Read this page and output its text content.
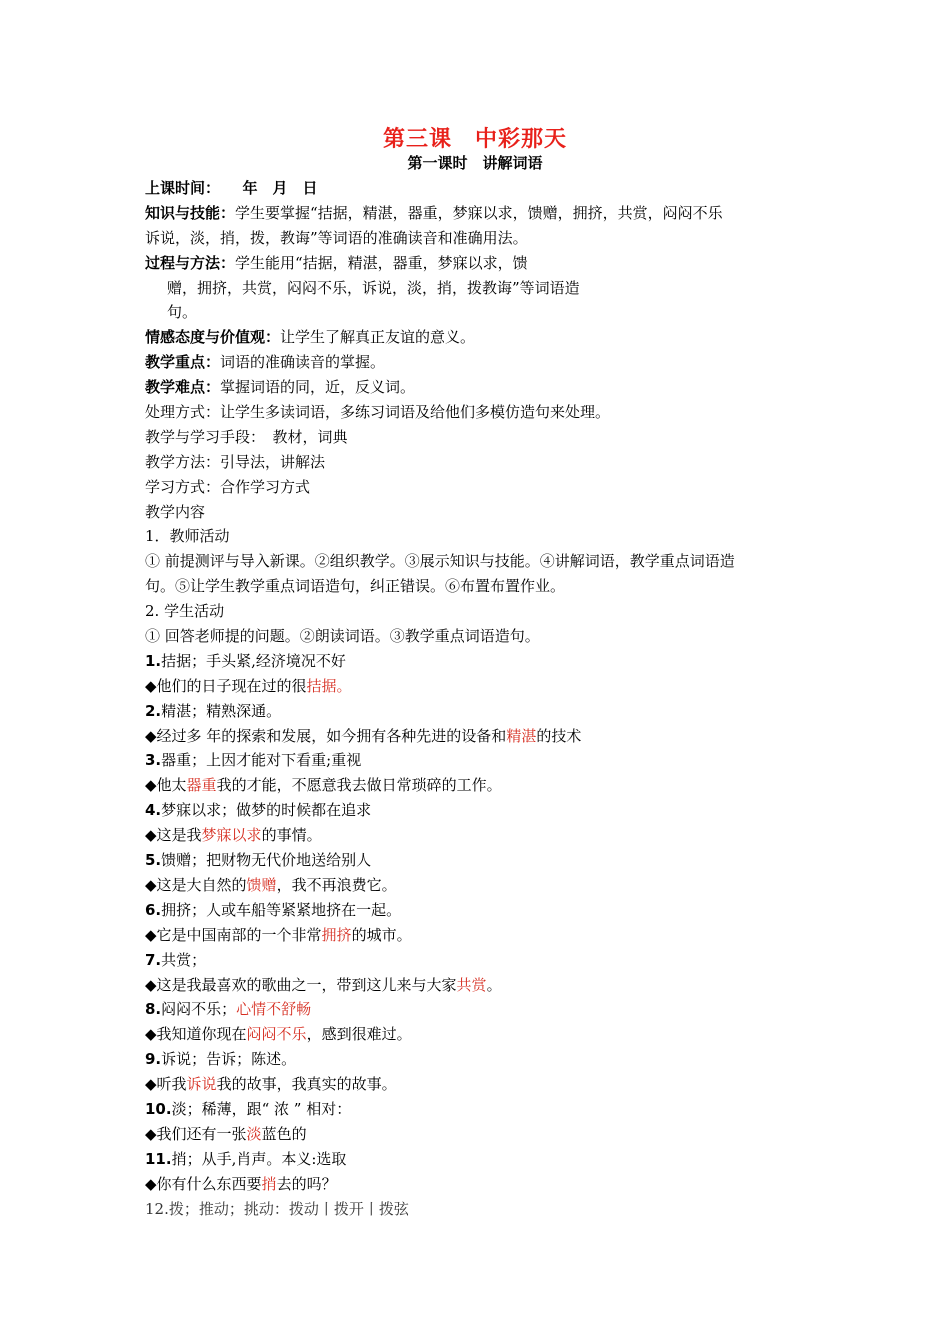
第三课　中彩那天
第一课时　讲解词语
上课时间：　　年　月　日
知识与技能：学生要掌握“拮据，精湛，器重，梦寐以求，馈赠，拥挤，共赏，闷闷不乐
诉说，淡，捎，拨，教诲”等词语的准确读音和准确用法。
过程与方法：学生能用“拮据，精湛，器重，梦寐以求，馈
赠，拥挤，共赏，闷闷不乐，诉说，淡，捎，拨教诲”等词语造
句。
情感态度与价值观：让学生了解真正友谊的意义。
教学重点：词语的准确读音的掌握。
教学难点：掌握词语的同，近，反义词。
处理方式：让学生多读词语，多练习词语及给他们多模仿造句来处理。
教学与学习手段：　教材，词典
教学方法：引导法，讲解法
学习方式：合作学习方式
教学内容
1．教师活动
① 前提测评与导入新课。②组织教学。③展示知识与技能。④讲解词语，教学重点词语造
句。⑤让学生教学重点词语造句，纠正错误。⑥布置布置作业。
2. 学生活动
① 回答老师提的问题。②朗读词语。③教学重点词语造句。
1.拮据；手头紧,经济境况不好
◆他们的日子现在过的很拮据。
2.精湛；精熟深通。
◆经过多 年的探索和发展，如今拥有各种先进的设备和精湛的技术
3.器重；上因才能对下看重;重视
◆他太器重我的才能，不愿意我去做日常琐碎的工作。
4.梦寐以求；做梦的时候都在追求
◆这是我梦寐以求的事情。
5.馈赠；把财物无代价地送给别人
◆这是大自然的馈赠，我不再浪费它。
6.拥挤；人或车船等紧紧地挤在一起。
◆它是中国南部的一个非常拥挤的城市。
7.共赏；
◆这是我最喜欢的歌曲之一，带到这儿来与大家共赏。
8.闷闷不乐；心情不舒畅
◆我知道你现在闷闷不乐，感到很难过。
9.诉说；告诉；陈述。
◆听我诉说我的故事，我真实的故事。
10.淡；稀薄，跟“ 浓 ” 相对：
◆我们还有一张淡蓝色的
11.捎；从手,肖声。本义:选取
◆你有什么东西要捎去的吗？
12.拨；推动；挑动：拨动丨拨开丨拨弦
